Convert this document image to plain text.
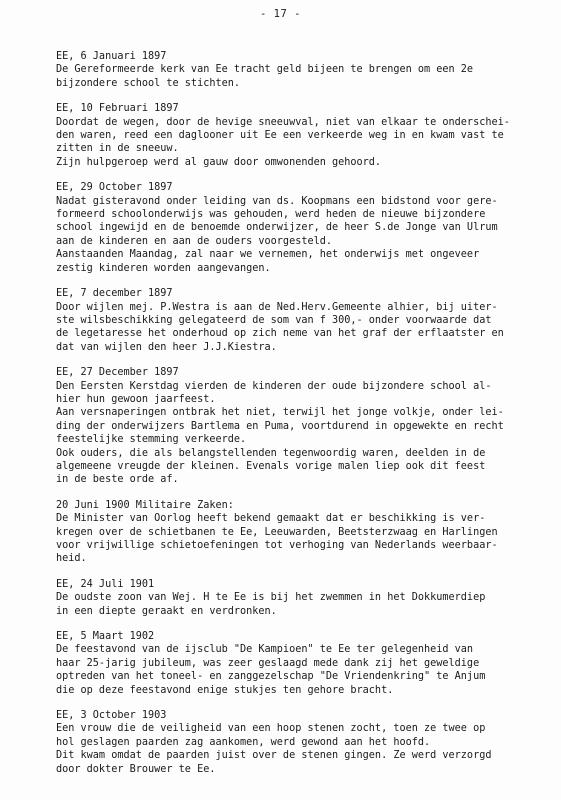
- 17 -
EE, 6 Januari 1897
De Gereformeerde kerk van Ee tracht geld bijeen te brengen om een 2e
bijzondere school te stichten.
EE, 10 Februari 1897
Doordat de wegen, door de hevige sneeuwval, niet van elkaar te onderschei-
den waren, reed een daglooner uit Ee een verkeerde weg in en kwam vast te
zitten in de sneeuw.
Zijn hulpgeroep werd al gauw door omwonenden gehoord.
EE, 29 October 1897
Nadat gisteravond onder leiding van ds. Koopmans een bidstond voor gere-
formeerd schoolonderwijs was gehouden, werd heden de nieuwe bijzondere
school ingewijd en de benoemde onderwijzer, de heer S.de Jonge van Ulrum
aan de kinderen en aan de ouders voorgesteld.
Aanstaanden Maandag, zal naar we vernemen, het onderwijs met ongeveer
zestig kinderen worden aangevangen.
EE, 7 december 1897
Door wijlen mej. P.Westra is aan de Ned.Herv.Gemeente alhier, bij uiter-
ste wilsbeschikking gelegateerd de som van f 300,- onder voorwaarde dat
de legetaresse het onderhoud op zich neme van het graf der erflaatster en
dat van wijlen den heer J.J.Kiestra.
EE, 27 December 1897
Den Eersten Kerstdag vierden de kinderen der oude bijzondere school al-
hier hun gewoon jaarfeest.
Aan versnaperingen ontbrak het niet, terwijl het jonge volkje, onder lei-
ding der onderwijzers Bartlema en Puma, voortdurend in opgewekte en recht
feestelijke stemming verkeerde.
Ook ouders, die als belangstellenden tegenwoordig waren, deelden in de
algemeene vreugde der kleinen. Evenals vorige malen liep ook dit feest
in de beste orde af.
20 Juni 1900 Militaire Zaken:
De Minister van Oorlog heeft bekend gemaakt dat er beschikking is ver-
kregen over de schietbanen te Ee, Leeuwarden, Beetsterzwaag en Harlingen
voor vrijwillige schietoefeningen tot verhoging van Nederlands weerbaar-
heid.
EE, 24 Juli 1901
De oudste zoon van Wej. H te Ee is bij het zwemmen in het Dokkumerdiep
in een diepte geraakt en verdronken.
EE, 5 Maart 1902
De feestavond van de ijsclub "De Kampioen" te Ee ter gelegenheid van
haar 25-jarig jubileum, was zeer geslaagd mede dank zij het geweldige
optreden van het toneel- en zanggezelschap "De Vriendenkring" te Anjum
die op deze feestavond enige stukjes ten gehore bracht.
EE, 3 October 1903
Een vrouw die de veiligheid van een hoop stenen zocht, toen ze twee op
hol geslagen paarden zag aankomen, werd gewond aan het hoofd.
Dit kwam omdat de paarden juist over de stenen gingen. Ze werd verzorgd
door dokter Brouwer te Ee.
